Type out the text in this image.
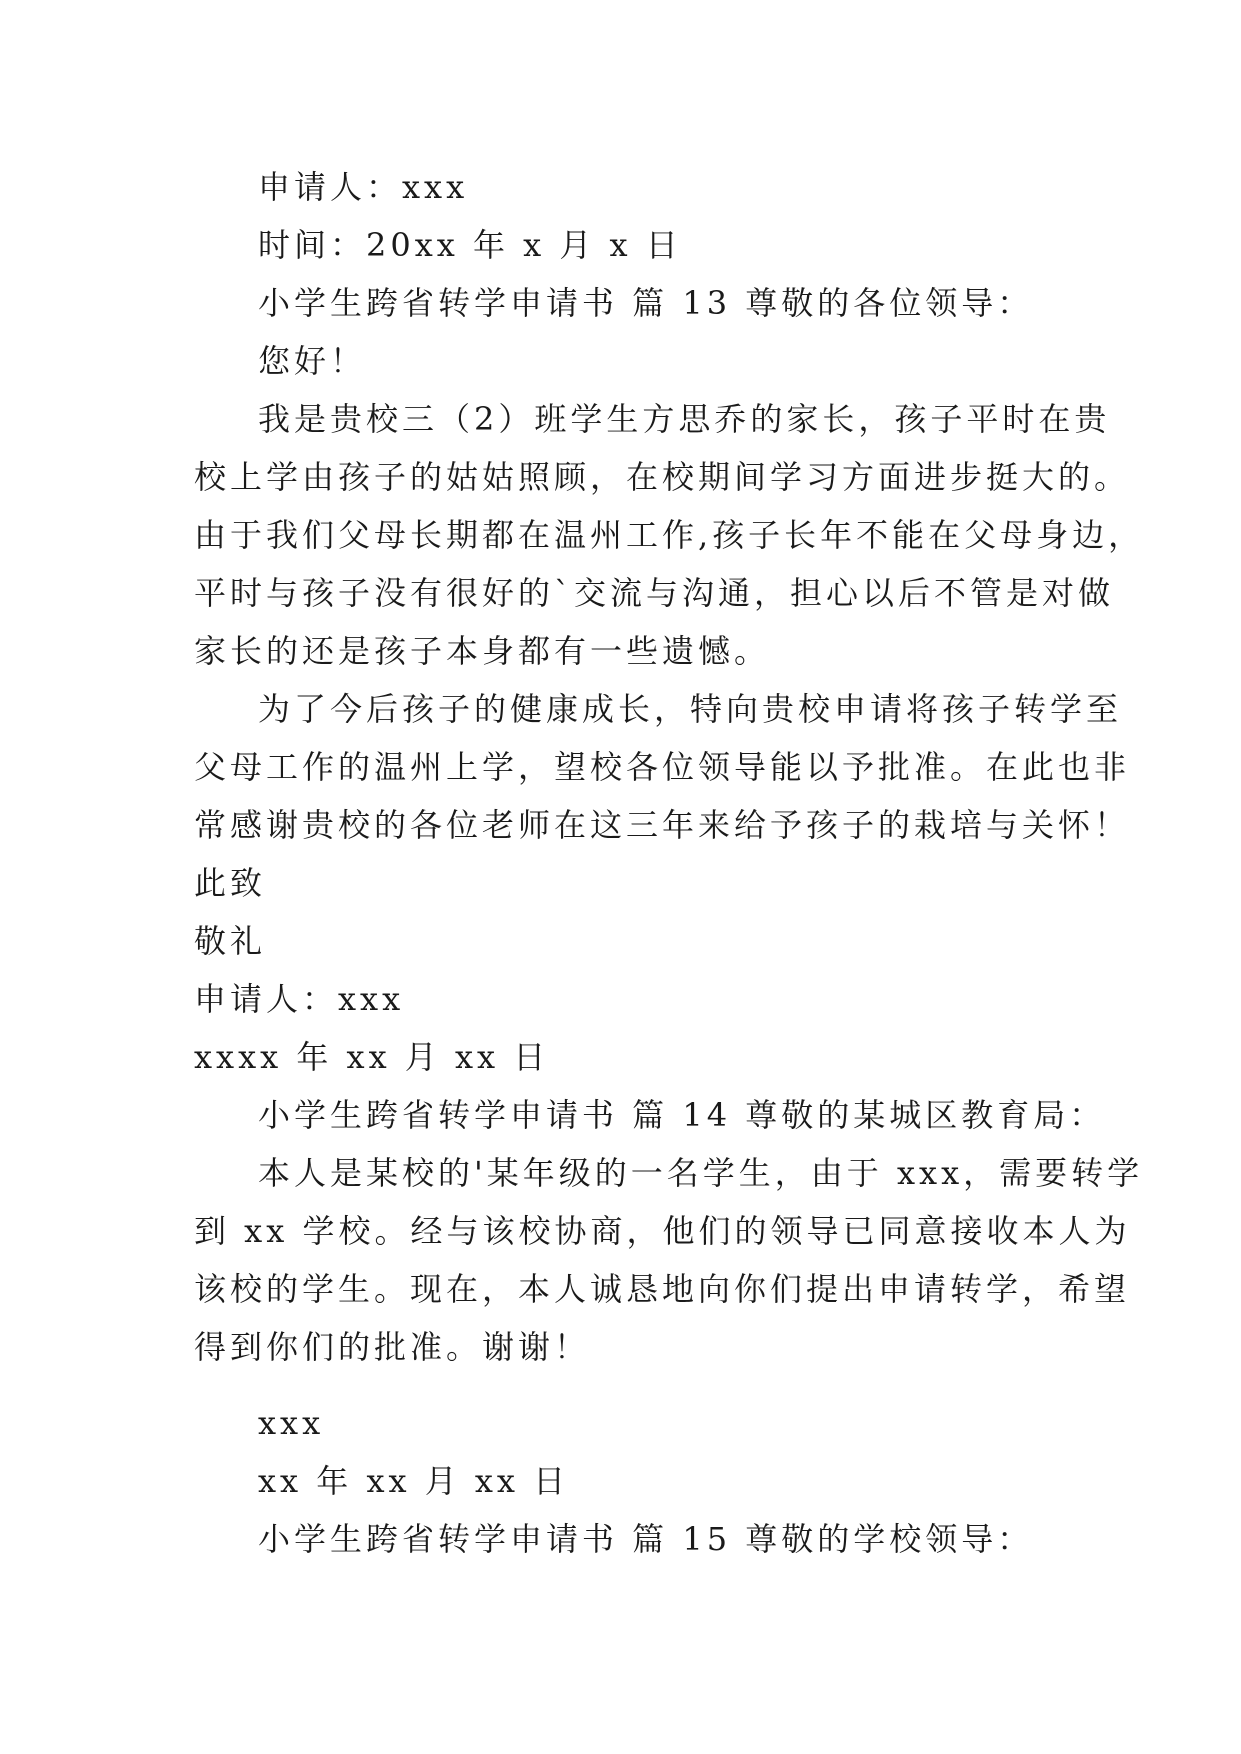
申请人：xxx
时间：20xx 年 x 月 x 日
小学生跨省转学申请书 篇 13 尊敬的各位领导：
您好！
我是贵校三（2）班学生方思乔的家长，孩子平时在贵
校上学由孩子的姑姑照顾，在校期间学习方面进步挺大的。
由于我们父母长期都在温州工作,孩子长年不能在父母身边，
平时与孩子没有很好的`交流与沟通，担心以后不管是对做
家长的还是孩子本身都有一些遗憾。
为了今后孩子的健康成长，特向贵校申请将孩子转学至
父母工作的温州上学，望校各位领导能以予批准。在此也非
常感谢贵校的各位老师在这三年来给予孩子的栽培与关怀！
此致
敬礼
申请人：xxx
xxxx 年 xx 月 xx 日
小学生跨省转学申请书 篇 14 尊敬的某城区教育局：
本人是某校的'某年级的一名学生，由于 xxx，需要转学
到 xx 学校。经与该校协商，他们的领导已同意接收本人为
该校的学生。现在，本人诚恳地向你们提出申请转学，希望
得到你们的批准。谢谢！
xxx
xx 年 xx 月 xx 日
小学生跨省转学申请书 篇 15 尊敬的学校领导：
